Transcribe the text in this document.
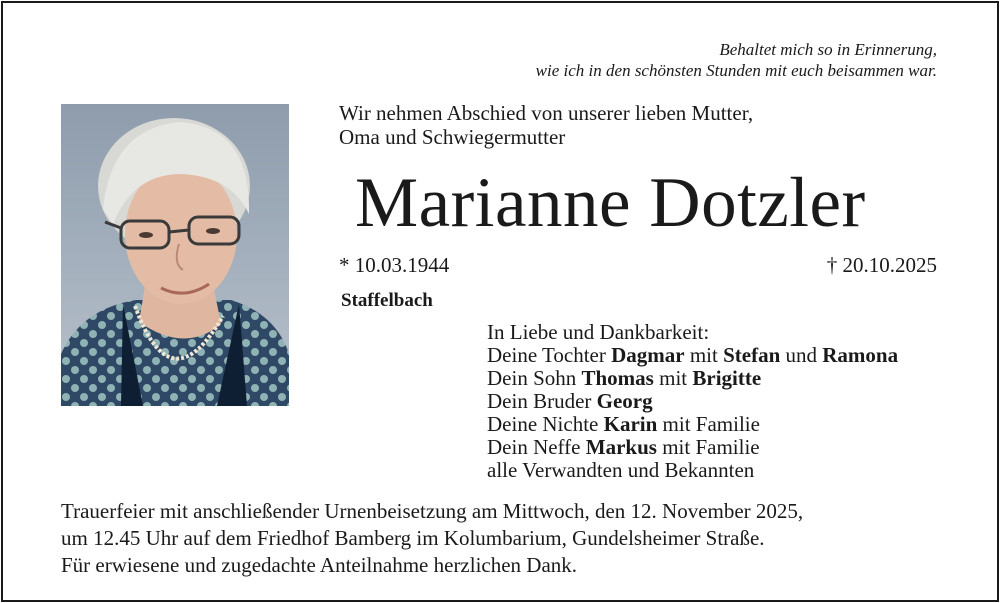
Behaltet mich so in Erinnerung,
wie ich in den schönsten Stunden mit euch beisammen war.
Wir nehmen Abschied von unserer lieben Mutter,
Oma und Schwiegermutter
Marianne Dotzler
* 10.03.1944	† 20.10.2025
Staffelbach
In Liebe und Dankbarkeit:
Deine Tochter Dagmar mit Stefan und Ramona
Dein Sohn Thomas mit Brigitte
Dein Bruder Georg
Deine Nichte Karin mit Familie
Dein Neffe Markus mit Familie
alle Verwandten und Bekannten
Trauerfeier mit anschließender Urnenbeisetzung am Mittwoch, den 12. November 2025,
um 12.45 Uhr auf dem Friedhof Bamberg im Kolumbarium, Gundelsheimer Straße.
Für erwiesene und zugedachte Anteilnahme herzlichen Dank.
